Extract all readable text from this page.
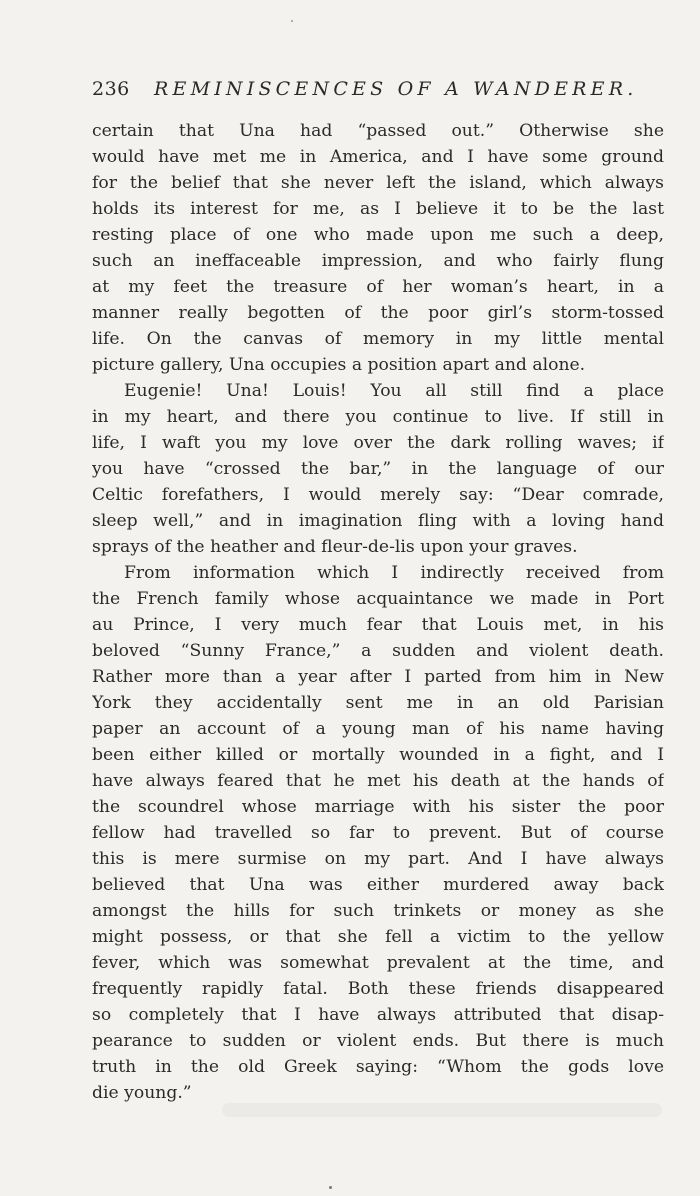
236	REMINISCENCES OF A WANDERER.
certain that Una had “passed out.” Otherwise she
would have met me in America, and I have some ground
for the belief that she never left the island, which always
holds its interest for me, as I believe it to be the last
resting place of one who made upon me such a deep,
such an ineffaceable impression, and who fairly flung
at my feet the treasure of her woman’s heart, in a
manner really begotten of the poor girl’s storm-tossed
life. On the canvas of memory in my little mental
picture gallery, Una occupies a position apart and alone.
Eugenie! Una! Louis! You all still find a place
in my heart, and there you continue to live. If still in
life, I waft you my love over the dark rolling waves; if
you have “crossed the bar,” in the language of our
Celtic forefathers, I would merely say: “Dear comrade,
sleep well,” and in imagination fling with a loving hand
sprays of the heather and fleur-de-lis upon your graves.
From information which I indirectly received from
the French family whose acquaintance we made in Port
au Prince, I very much fear that Louis met, in his
beloved “Sunny France,” a sudden and violent death.
Rather more than a year after I parted from him in New
York they accidentally sent me in an old Parisian
paper an account of a young man of his name having
been either killed or mortally wounded in a fight, and I
have always feared that he met his death at the hands of
the scoundrel whose marriage with his sister the poor
fellow had travelled so far to prevent. But of course
this is mere surmise on my part. And I have always
believed that Una was either murdered away back
amongst the hills for such trinkets or money as she
might possess, or that she fell a victim to the yellow
fever, which was somewhat prevalent at the time, and
frequently rapidly fatal. Both these friends disappeared
so completely that I have always attributed that disap-
pearance to sudden or violent ends. But there is much
truth in the old Greek saying: “Whom the gods love
die young.”
